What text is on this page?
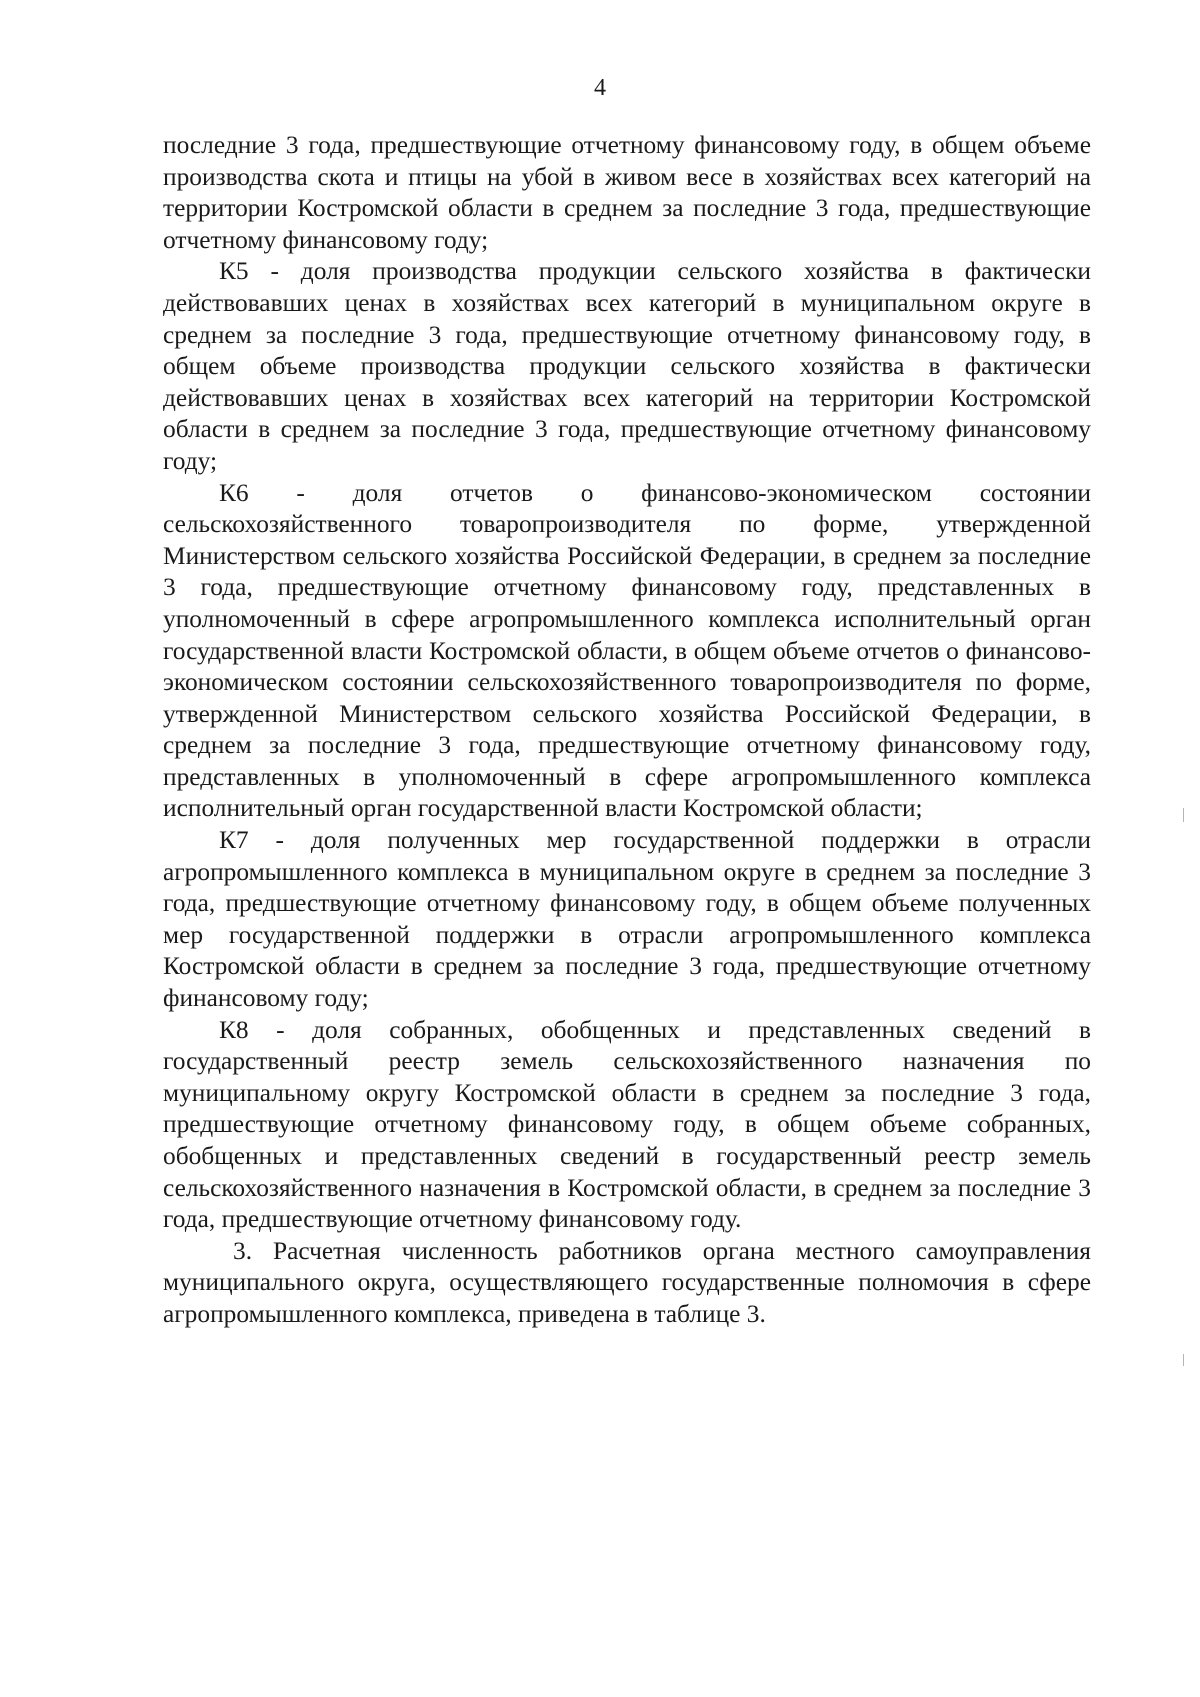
4

последние 3 года, предшествующие отчетному финансовому году, в общем объеме производства скота и птицы на убой в живом весе в хозяйствах всех категорий на территории Костромской области в среднем за последние 3 года, предшествующие отчетному финансовому году;

К5 - доля производства продукции сельского хозяйства в фактически действовавших ценах в хозяйствах всех категорий в муниципальном округе в среднем за последние 3 года, предшествующие отчетному финансовому году, в общем объеме производства продукции сельского хозяйства в фактически действовавших ценах в хозяйствах всех категорий на территории Костромской области в среднем за последние 3 года, предшествующие отчетному финансовому году;

К6 - доля отчетов о финансово-экономическом состоянии сельскохозяйственного товаропроизводителя по форме, утвержденной Министерством сельского хозяйства Российской Федерации, в среднем за последние 3 года, предшествующие отчетному финансовому году, представленных в уполномоченный в сфере агропромышленного комплекса исполнительный орган государственной власти Костромской области, в общем объеме отчетов о финансово-экономическом состоянии сельскохозяйственного товаропроизводителя по форме, утвержденной Министерством сельского хозяйства Российской Федерации, в среднем за последние 3 года, предшествующие отчетному финансовому году, представленных в уполномоченный в сфере агропромышленного комплекса исполнительный орган государственной власти Костромской области;

К7 - доля полученных мер государственной поддержки в отрасли агропромышленного комплекса в муниципальном округе в среднем за последние 3 года, предшествующие отчетному финансовому году, в общем объеме полученных мер государственной поддержки в отрасли агропромышленного комплекса Костромской области в среднем за последние 3 года, предшествующие отчетному финансовому году;

К8 - доля собранных, обобщенных и представленных сведений в государственный реестр земель сельскохозяйственного назначения по муниципальному округу Костромской области в среднем за последние 3 года, предшествующие отчетному финансовому году, в общем объеме собранных, обобщенных и представленных сведений в государственный реестр земель сельскохозяйственного назначения в Костромской области, в среднем за последние 3 года, предшествующие отчетному финансовому году.

3. Расчетная численность работников органа местного самоуправления муниципального округа, осуществляющего государственные полномочия в сфере агропромышленного комплекса, приведена в таблице 3.
